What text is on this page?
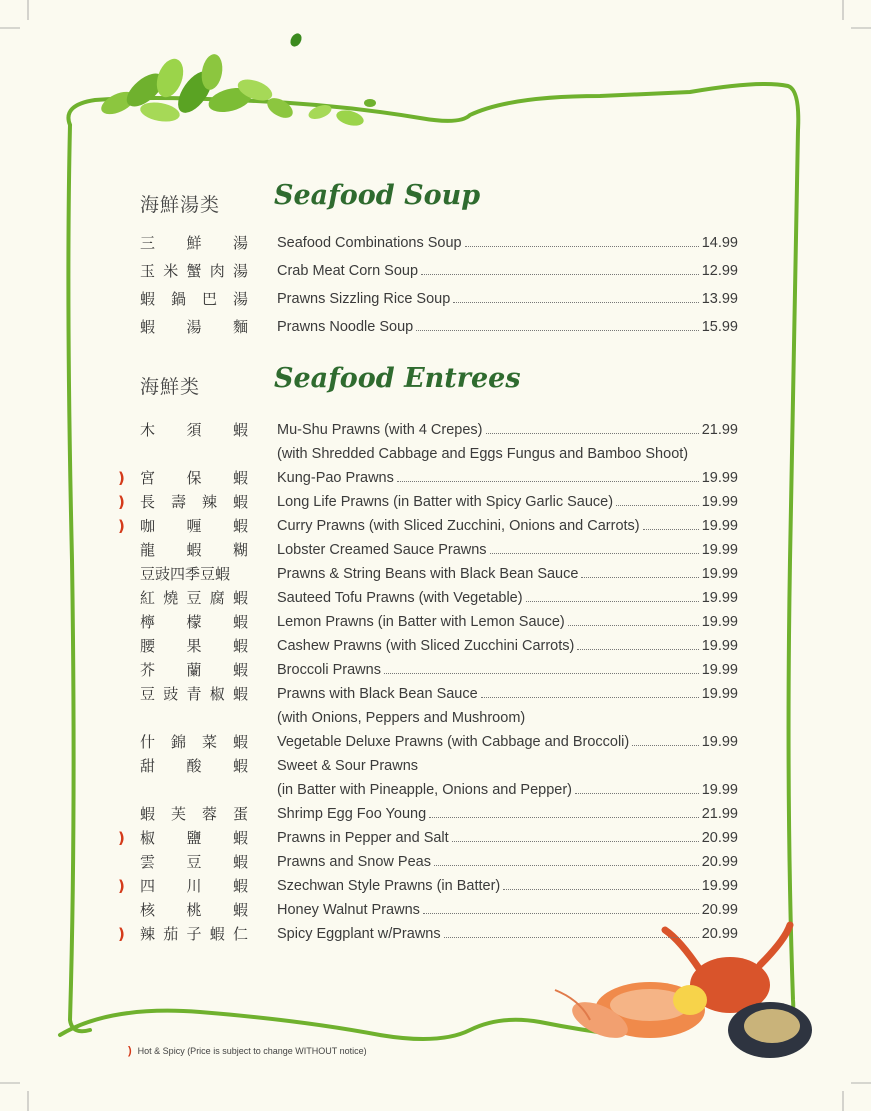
海鮮湯类 Seafood Soup
三 鮮 湯 Seafood Combinations Soup	14.99
玉 米 蟹 肉 湯 Crab Meat Corn Soup	12.99
蝦 鍋 巴 湯 Prawns Sizzling Rice Soup	13.99
蝦 湯 麵 Prawns Noodle Soup	15.99
海鮮类	Seafood Entrees
木 須 蝦 Mu-Shu Prawns (with 4 Crepes)	21.99
(with Shredded Cabbage and Eggs Fungus and Bamboo Shoot)
) 宮 保 蝦 Kung-Pao Prawns	19.99
) 長 壽 辣 蝦 Long Life Prawns (in Batter with Spicy Garlic Sauce)	19.99
) 咖 喱 蝦 Curry Prawns (with Sliced Zucchini, Onions and Carrots)	19.99
龍 蝦 糊 Lobster Creamed Sauce Prawns	19.99
豆豉四季豆蝦	Prawns & String Beans with Black Bean Sauce	19.99
紅 燒 豆 腐 蝦 Sauteed Tofu Prawns (with Vegetable)	19.99
檸 檬 蝦 Lemon Prawns (in Batter with Lemon Sauce)	19.99
腰 果 蝦 Cashew Prawns (with Sliced Zucchini Carrots)	19.99
芥 蘭 蝦 Broccoli Prawns	19.99
豆 豉 青 椒 蝦 Prawns with Black Bean Sauce	19.99
(with Onions, Peppers and Mushroom)
什 錦 菜 蝦 Vegetable Deluxe Prawns (with Cabbage and Broccoli)	19.99
甜 酸 蝦 Sweet & Sour Prawns
(in Batter with Pineapple, Onions and Pepper)	19.99
蝦 芙 蓉 蛋 Shrimp Egg Foo Young	21.99
) 椒 鹽 蝦 Prawns in Pepper and Salt	20.99
雲 豆 蝦 Prawns and Snow Peas	20.99
) 四 川 蝦 Szechwan Style Prawns (in Batter)	19.99
核 桃 蝦 Honey Walnut Prawns	20.99
) 辣 茄 子 蝦 仁 Spicy Eggplant w/Prawns	20.99
) Hot & Spicy (Price is subject to change WITHOUT notice)
